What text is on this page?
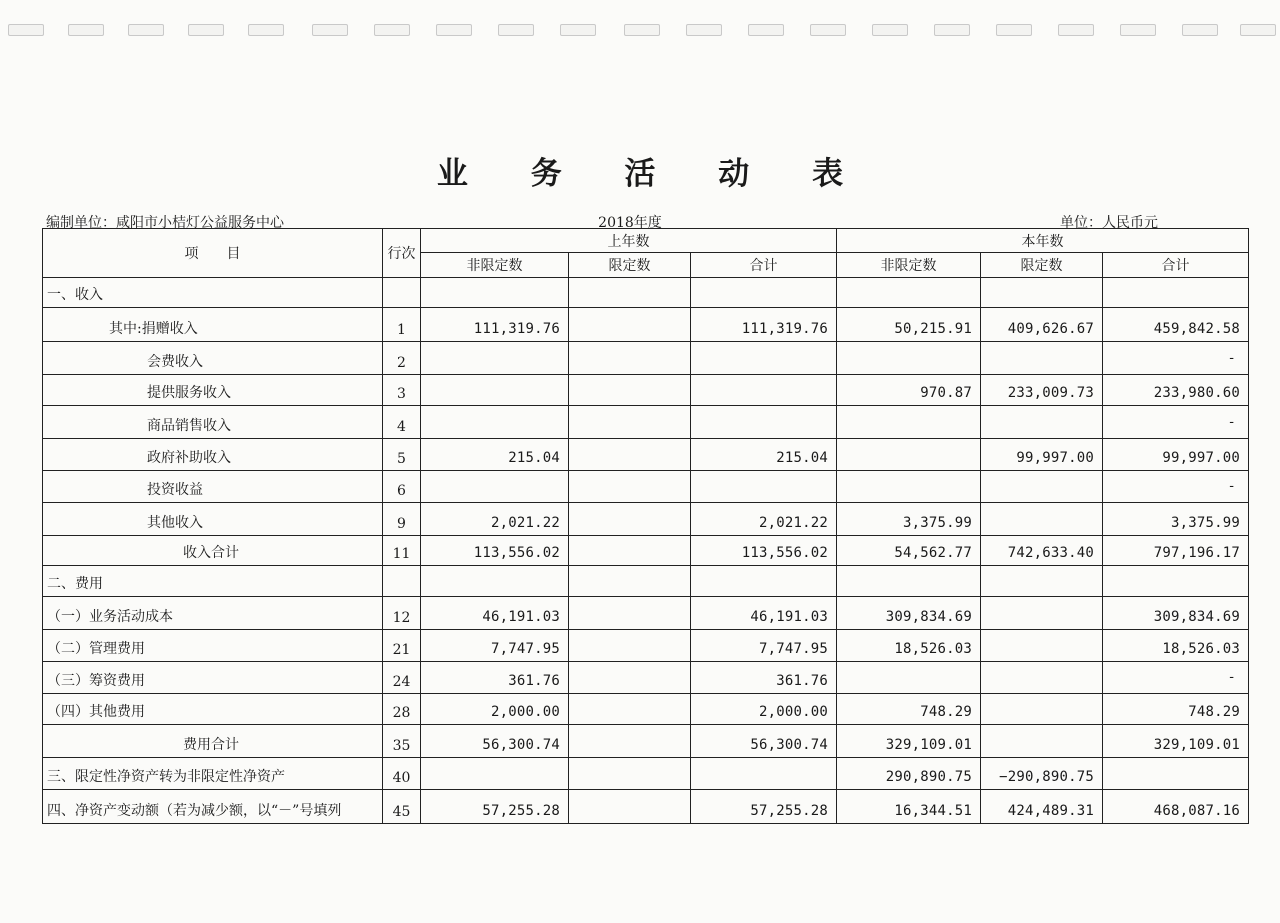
业 务 活 动 表
编制单位：咸阳市小桔灯公益服务中心	2018年度	单位：人民币元
项　　目	行次	上年数			本年数		
		非限定数	限定数	合计	非限定数	限定数	合计
一、收入							
其中:捐赠收入	1	111,319.76		111,319.76	50,215.91	409,626.67	459,842.58
会费收入	2						-
提供服务收入	3				970.87	233,009.73	233,980.60
商品销售收入	4						-
政府补助收入	5	215.04		215.04		99,997.00	99,997.00
投资收益	6						-
其他收入	9	2,021.22		2,021.22	3,375.99		3,375.99
收入合计	11	113,556.02		113,556.02	54,562.77	742,633.40	797,196.17
二、费用							
（一）业务活动成本	12	46,191.03		46,191.03	309,834.69		309,834.69
（二）管理费用	21	7,747.95		7,747.95	18,526.03		18,526.03
（三）筹资费用	24	361.76		361.76			-
（四）其他费用	28	2,000.00		2,000.00	748.29		748.29
费用合计	35	56,300.74		56,300.74	329,109.01		329,109.01
三、限定性净资产转为非限定性净资产	40				290,890.75	−290,890.75	
四、净资产变动额（若为减少额，以“－”号填列	45	57,255.28		57,255.28	16,344.51	424,489.31	468,087.16
